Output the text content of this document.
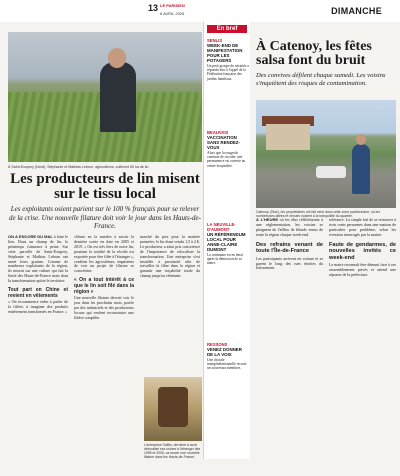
13 LE PARISIEN
6 AVRIL 2025	DIMANCHE
À Saint-Exupery (Nord), Stéphanie et Mathias Lebrun, agriculteurs, cultivent 60 ha de lin.
Les producteurs de lin misent sur le tissu local
Les exploitants osient parient sur le 100 % français pour se relever de la crise. Une nouvelle filature doit voir le jour dans les Hauts-de-France.
ON A ENCORE DU MAL à faire le lien. Dans un champ de lin, le printemps s'annonce à peine. Sur cette parcelle de Saint-Exupery, Stéphanie et Mathias Lebrun ont semé leurs graines. Comme de nombreux exploitants de la région, ils misent sur une culture qui fait la fierté des Hauts-de-France mais dont la transformation quitte le territoire.
Tout part en Chine et revient en vêtements
« On recommence enfin à parler de la filière, à imaginer des produits entièrement transformés en France. »
clôture en la matière à savoir la dernière sortie en date en 2005 et 2019. « On est très fiers de notre lin, pourtant la totalité de la récolte est exportée pour être filée à l'étranger », confient les agriculteurs, impatients de voir un projet de filature se concrétiser.
« On a tout intérêt à ce que le lin soit filé dans la région »
Une nouvelle filature devrait voir le jour dans les prochains mois, portée par des industriels et des producteurs locaux qui veulent reconstruire une filière complète.
marché du prix pour la matière première, le lin étant vendu 1,5 à 2 €. Le producteur a ainsi pris conscience de l'importance de relocaliser la transformation. Une entreprise s'est installée à proximité afin de travailler la fibre dans la région et garantir une traçabilité totale du champ jusqu'au vêtement.
L'entreprise Safilin, dernière à avoir délocalisé ses usines à l'étranger dès 1995 et 2005, va lancer une nouvelle filature dans les Hauts-de-France.
En bref
SENLIS
WEEK-END DE MANIFESTATION POUR LES POTAGERS
Un petit groupe de retraités a répondu hier à l'appel de la Fédération française des jardins familiaux.
BEAUVAIS
VACCINATION SANS RENDEZ-VOUS
Alors que la rougeole continue de circuler, une permanence est ouverte au centre hospitalier.
LA NEUVILLE-D'AUMONT
UN RÉFÉRENDUM LOCAL POUR ANNE-CLAIRE DUMONT
La commune est en émoi après la démission de sa maire.
RESSONS
VENEZ DONNER DE LA VOIX
Une chorale intergénérationnelle recrute ses nouveaux membres.
À Catenoy, les fêtes salsa font du bruit
Des convives défilent chaque samedi. Les voisins s'inquiètent des risques de contamination.
Catenoy (Oise), les propriétaires ont fait venir dans cette zone pavillonnaire, où les nombreuses allées et venues nuisent à la tranquillité du quartier.
À L'HEURE où les élus réfléchissent à une réglementation, les voisins se plaignent de l'afflux de fêtards venus de toute la région chaque week-end.
Des refrains venant de toute l'Île-de-France
Les participants arrivent en voiture et se garent le long des rues étroites du lotissement.
tolérance. La simple fait de se retrouver à trois cents personnes dans une maison de particulier pose problème, selon les riverains interrogés par la mairie.
Faute de gendarmes, de nouvelles invités ce week-end
Le maire reconnaît être démuni face à ces rassemblements privés et attend une réponse de la préfecture.
